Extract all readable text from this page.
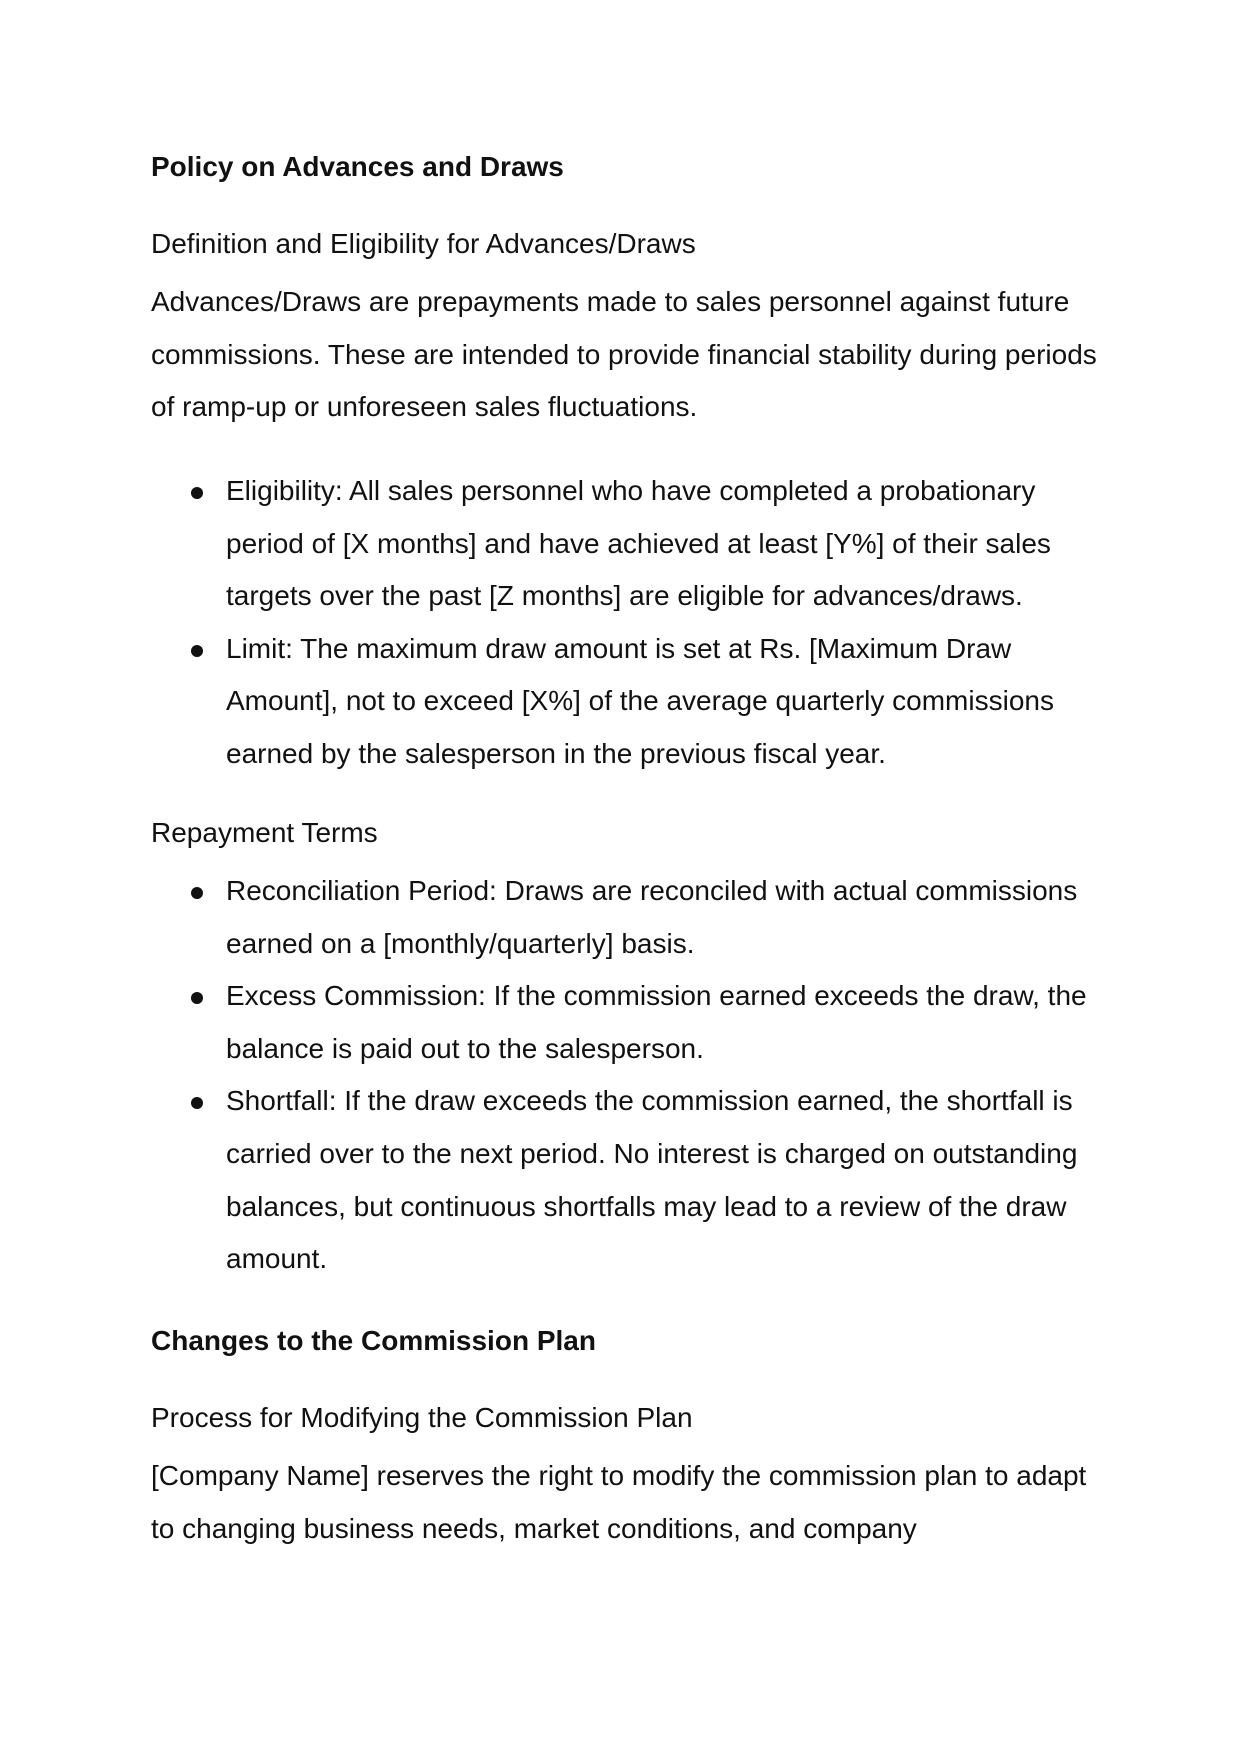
Policy on Advances and Draws
Definition and Eligibility for Advances/Draws

Advances/Draws are prepayments made to sales personnel against future commissions. These are intended to provide financial stability during periods of ramp-up or unforeseen sales fluctuations.

Eligibility: All sales personnel who have completed a probationary period of [X months] and have achieved at least [Y%] of their sales targets over the past [Z months] are eligible for advances/draws.
Limit: The maximum draw amount is set at Rs. [Maximum Draw Amount], not to exceed [X%] of the average quarterly commissions earned by the salesperson in the previous fiscal year.
Repayment Terms
Reconciliation Period: Draws are reconciled with actual commissions earned on a [monthly/quarterly] basis.
Excess Commission: If the commission earned exceeds the draw, the balance is paid out to the salesperson.
Shortfall: If the draw exceeds the commission earned, the shortfall is carried over to the next period. No interest is charged on outstanding balances, but continuous shortfalls may lead to a review of the draw amount.
Changes to the Commission Plan
Process for Modifying the Commission Plan

[Company Name] reserves the right to modify the commission plan to adapt to changing business needs, market conditions, and company
